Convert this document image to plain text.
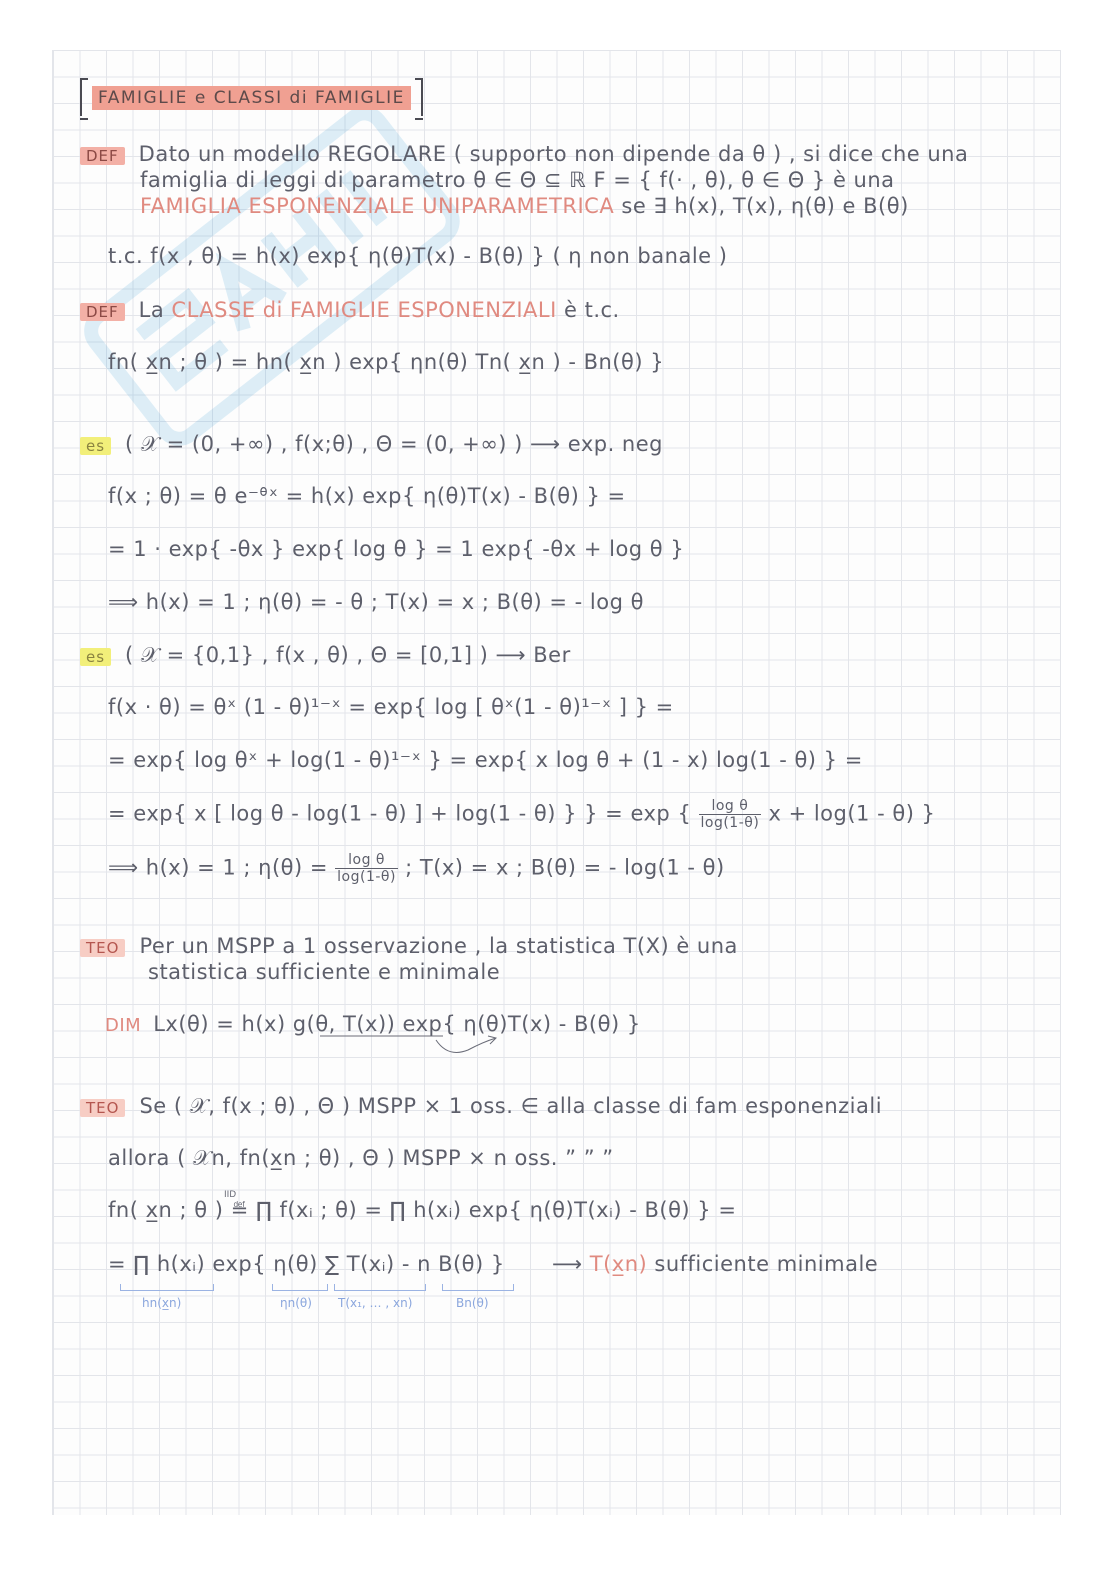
FAMIGLIE e CLASSI di FAMIGLIE
DEF Dato un modello REGOLARE ( supporto non dipende da θ ) , si dice che una
famiglia di leggi di parametro θ ∈ Θ ⊆ ℝ F = { f(· , θ), θ ∈ Θ } è una
FAMIGLIA ESPONENZIALE UNIPARAMETRICA se ∃ h(x), T(x), η(θ) e B(θ)
t.c. f(x , θ) = h(x) exp{ η(θ)T(x) - B(θ) } ( η non banale )
DEF La CLASSE di FAMIGLIE ESPONENZIALI è t.c.
fn( x̲n ; θ ) = hn( x̲n ) exp{ ηn(θ) Tn( x̲n ) - Bn(θ) }
es ( 𝒳 = (0, +∞) , f(x;θ) , Θ = (0, +∞) ) ⟶ exp. neg
f(x ; θ) = θ e⁻ᶿˣ = h(x) exp{ η(θ)T(x) - B(θ) } =
= 1 · exp{ -θx } exp{ log θ } = 1 exp{ -θx + log θ }
⟹ h(x) = 1 ; η(θ) = - θ ; T(x) = x ; B(θ) = - log θ
es ( 𝒳 = {0,1} , f(x , θ) , Θ = [0,1] ) ⟶ Ber
f(x · θ) = θˣ (1 - θ)¹⁻ˣ = exp{ log [ θˣ(1 - θ)¹⁻ˣ ] } =
= exp{ log θˣ + log(1 - θ)¹⁻ˣ } = exp{ x log θ + (1 - x) log(1 - θ) } =
= exp{ x [ log θ - log(1 - θ) ] + log(1 - θ) } } = exp { $\frac{\text{log θ}}{\log(1-\theta)}$ x + log(1 - θ) }
⟹ h(x) = 1 ; $\eta(\theta) = \frac{\text{log θ}}{\log(1-\theta)}$ ; T(x) = x ; B(θ) = - log(1 - θ)
TEO Per un MSPP a 1 osservazione , la statistica T(X) è una
statistica sufficiente e minimale
DIM Lx(θ) = h(x) g(θ, T(x)) exp{ η(θ)T(x) - B(θ) }
TEO Se ( 𝒳, f(x ; θ) , Θ ) MSPP × 1 oss. ∈ alla classe di fam esponenziali
allora ( 𝒳n, fn(x̲n ; θ) , Θ ) MSPP × n oss. ” ” ”
fn( x̲n ; θ ) ≝ ∏ f(xᵢ ; θ) = ∏ h(xᵢ) exp{ η(θ)T(xᵢ) - B(θ) } =
IID
= ∏ h(xᵢ) exp{ η(θ) ∑ T(xᵢ) - n B(θ) } ⟶ T(x̲n) sufficiente minimale
hn(x̲n)	ηn(θ) T(x₁, … , xn)	Bn(θ)
